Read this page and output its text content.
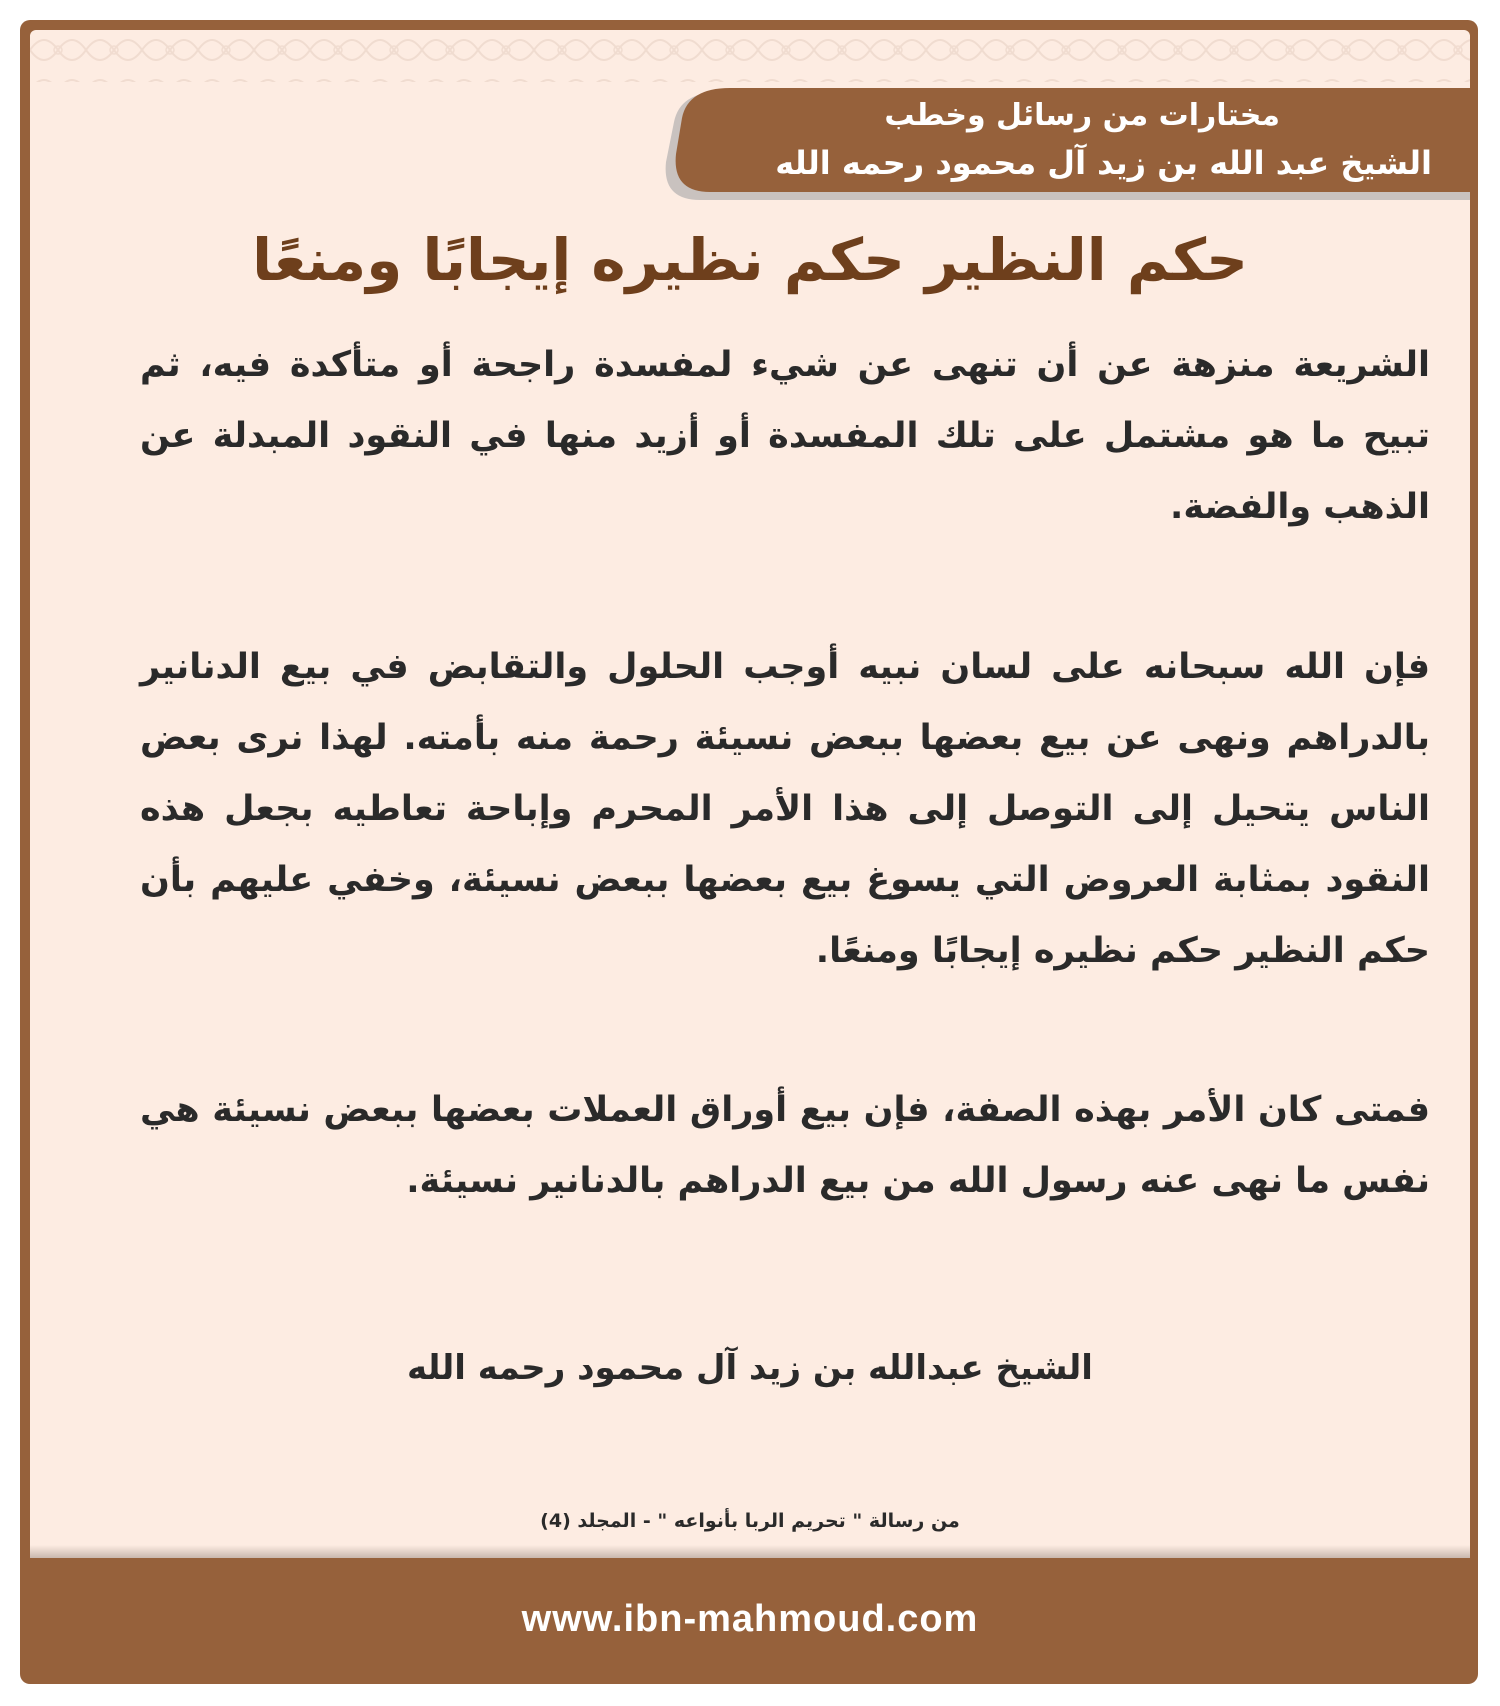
مختارات من رسائل وخطب
الشيخ عبد الله بن زيد آل محمود رحمه الله
حكم النظير حكم نظيره إيجابًا ومنعًا

الشريعة منزهة عن أن تنهى عن شيء لمفسدة راجحة أو متأكدة فيه، ثم تبيح ما هو مشتمل على تلك المفسدة أو أزيد منها في النقود المبدلة عن الذهب والفضة.

فإن الله سبحانه على لسان نبيه أوجب الحلول والتقابض في بيع الدنانير بالدراهم ونهى عن بيع بعضها ببعض نسيئة رحمة منه بأمته. لهذا نرى بعض الناس يتحيل إلى التوصل إلى هذا الأمر المحرم وإباحة تعاطيه بجعل هذه النقود بمثابة العروض التي يسوغ بيع بعضها ببعض نسيئة، وخفي عليهم بأن حكم النظير حكم نظيره إيجابًا ومنعًا.

فمتى كان الأمر بهذه الصفة، فإن بيع أوراق العملات بعضها ببعض نسيئة هي نفس ما نهى عنه رسول الله من بيع الدراهم بالدنانير نسيئة.

الشيخ عبدالله بن زيد آل محمود رحمه الله
من رسالة " تحريم الربا بأنواعه " - المجلد (4)
www.ibn-mahmoud.com
